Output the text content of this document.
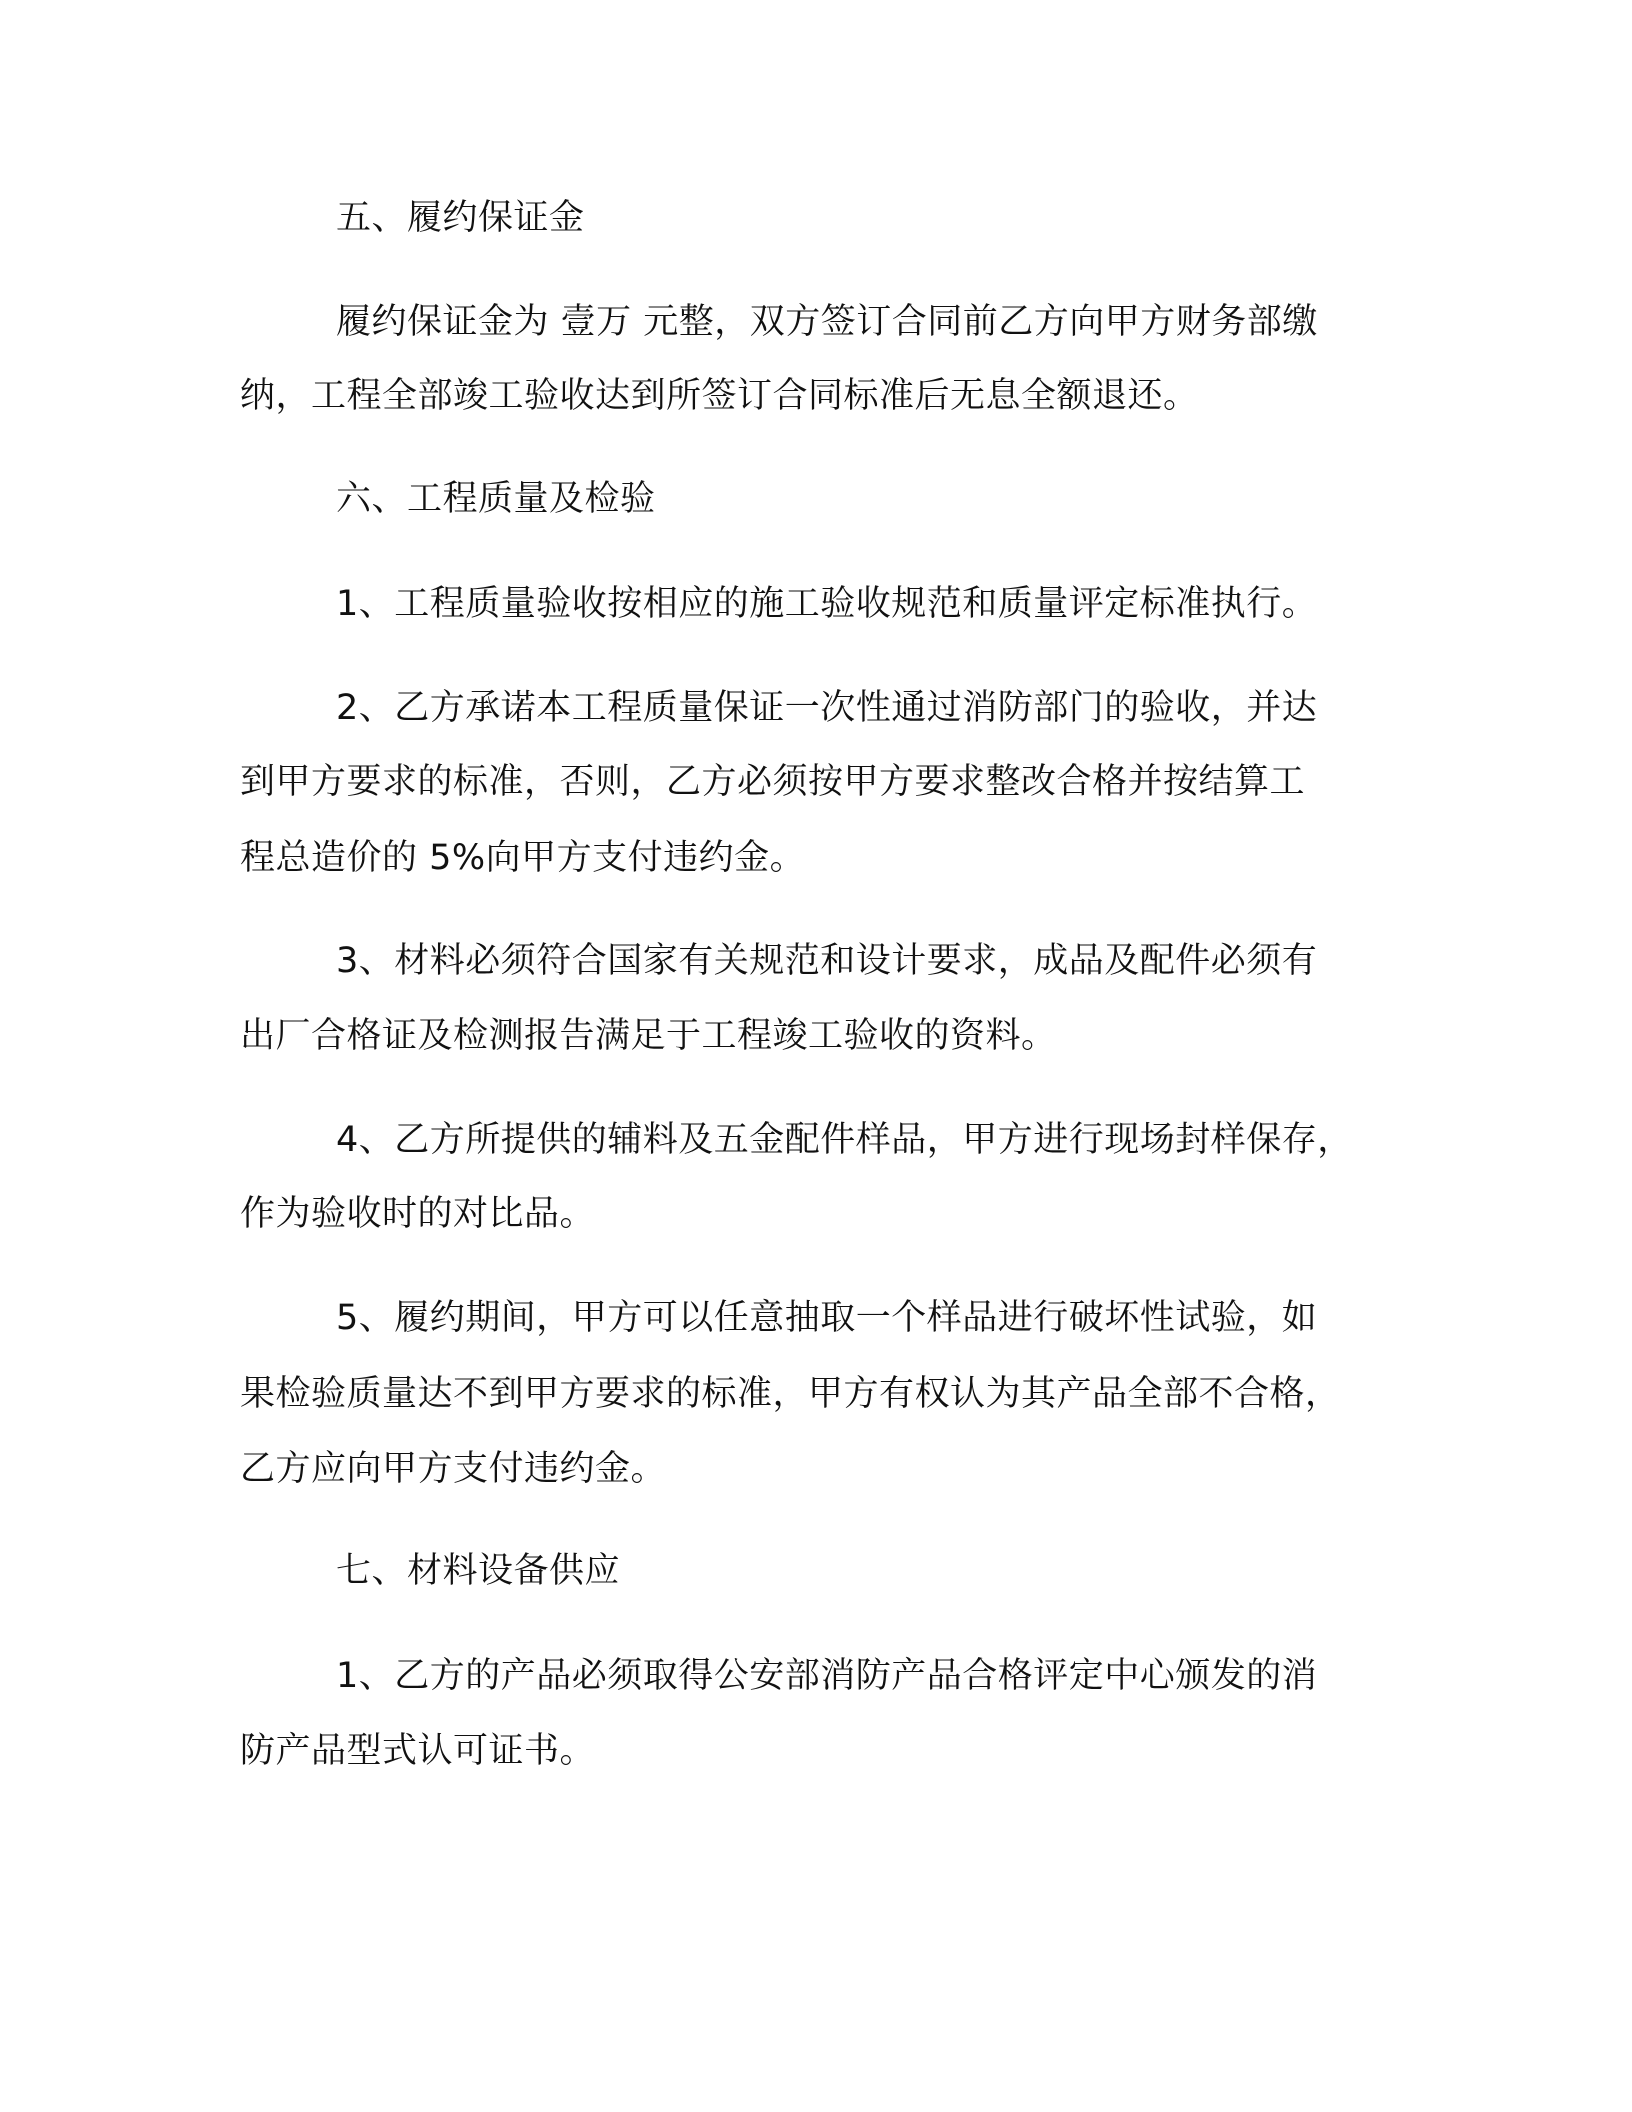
五、履约保证金
履约保证金为 壹万 元整，双方签订合同前乙方向甲方财务部缴
纳，工程全部竣工验收达到所签订合同标准后无息全额退还。
六、工程质量及检验
1、工程质量验收按相应的施工验收规范和质量评定标准执行。
2、乙方承诺本工程质量保证一次性通过消防部门的验收，并达
到甲方要求的标准，否则，乙方必须按甲方要求整改合格并按结算工
程总造价的 5%向甲方支付违约金。
3、材料必须符合国家有关规范和设计要求，成品及配件必须有
出厂合格证及检测报告满足于工程竣工验收的资料。
4、乙方所提供的辅料及五金配件样品，甲方进行现场封样保存，
作为验收时的对比品。
5、履约期间，甲方可以任意抽取一个样品进行破坏性试验，如
果检验质量达不到甲方要求的标准，甲方有权认为其产品全部不合格，
乙方应向甲方支付违约金。
七、材料设备供应
1、乙方的产品必须取得公安部消防产品合格评定中心颁发的消
防产品型式认可证书。
